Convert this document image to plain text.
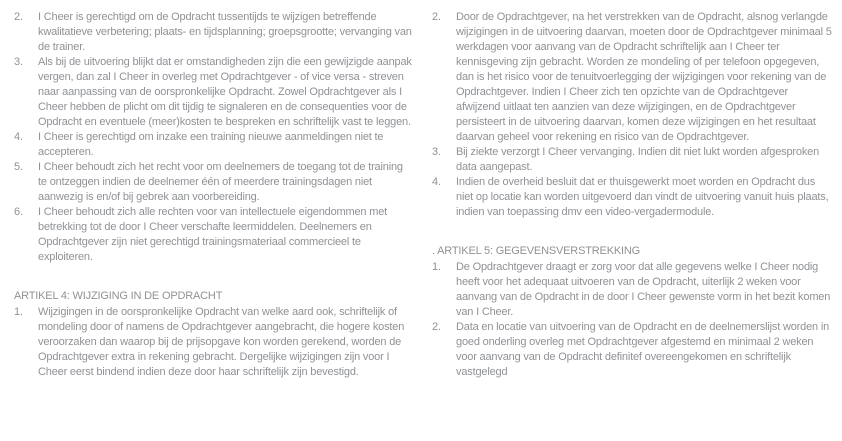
2.	I Cheer is gerechtigd om de Opdracht tussentijds te wijzigen betreffende kwalitatieve verbetering; plaats- en tijdsplanning; groepsgrootte; vervanging van de trainer.
3.	Als bij de uitvoering blijkt dat er omstandigheden zijn die een gewijzigde aanpak vergen, dan zal I Cheer in overleg met Opdrachtgever - of vice versa - streven naar aanpassing van de oorspronkelijke Opdracht. Zowel Opdrachtgever als I Cheer hebben de plicht om dit tijdig te signaleren en de consequenties voor de Opdracht en eventuele (meer)kosten te bespreken en schriftelijk vast te leggen.
4.	I Cheer is gerechtigd om inzake een training nieuwe aanmeldingen niet te accepteren.
5.	I Cheer behoudt zich het recht voor om deelnemers de toegang tot de training te ontzeggen indien de deelnemer één of meerdere trainingsdagen niet aanwezig is en/of bij gebrek aan voorbereiding.
6.	I Cheer behoudt zich alle rechten voor van intellectuele eigendommen met betrekking tot de door I Cheer verschafte leermiddelen. Deelnemers en Opdrachtgever zijn niet gerechtigd trainingsmateriaal commercieel te exploiteren.
ARTIKEL 4: WIJZIGING IN DE OPDRACHT
1.	Wijzigingen in de oorspronkelijke Opdracht van welke aard ook, schriftelijk of mondeling door of namens de Opdrachtgever aangebracht, die hogere kosten veroorzaken dan waarop bij de prijsopgave kon worden gerekend, worden de Opdrachtgever extra in rekening gebracht. Dergelijke wijzigingen zijn voor I Cheer eerst bindend indien deze door haar schriftelijk zijn bevestigd.
2.	Door de Opdrachtgever, na het verstrekken van de Opdracht, alsnog verlangde wijzigingen in de uitvoering daarvan, moeten door de Opdrachtgever minimaal 5 werkdagen voor aanvang van de Opdracht schriftelijk aan I Cheer ter kennisgeving zijn gebracht. Worden ze mondeling of per telefoon opgegeven, dan is het risico voor de tenuitvoerlegging der wijzigingen voor rekening van de Opdrachtgever. Indien I Cheer zich ten opzichte van de Opdrachtgever afwijzend uitlaat ten aanzien van deze wijzigingen, en de Opdrachtgever persisteert in de uitvoering daarvan, komen deze wijzigingen en het resultaat daarvan geheel voor rekening en risico van de Opdrachtgever.
3.	Bij ziekte verzorgt I Cheer vervanging. Indien dit niet lukt worden afgesproken data aangepast.
4.	Indien de overheid besluit dat er thuisgewerkt moet worden en Opdracht dus niet op locatie kan worden uitgevoerd dan vindt de uitvoering vanuit huis plaats, indien van toepassing dmv een video-vergadermodule.
. ARTIKEL 5: GEGEVENSVERSTREKKING
1.	De Opdrachtgever draagt er zorg voor dat alle gegevens welke I Cheer nodig heeft voor het adequaat uitvoeren van de Opdracht, uiterlijk 2 weken voor aanvang van de Opdracht in de door I Cheer gewenste vorm in het bezit komen van I Cheer.
2.	Data en locatie van uitvoering van de Opdracht en de deelnemerslijst worden in goed onderling overleg met Opdrachtgever afgestemd en minimaal 2 weken voor aanvang van de Opdracht definitef overeengekomen en schriftelijk vastgelegd
